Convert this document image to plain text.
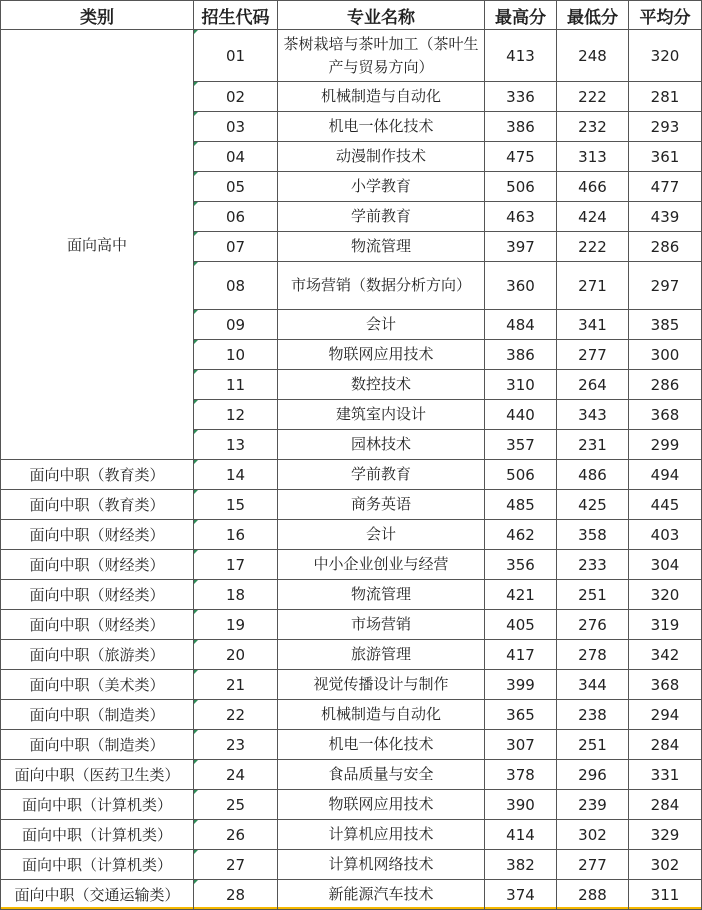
类别	招生代码	专业名称	最高分	最低分	平均分
面向高中	01	茶树栽培与茶叶加工（茶叶生产与贸易方向）	413	248	320
	02	机械制造与自动化	336	222	281
	03	机电一体化技术	386	232	293
	04	动漫制作技术	475	313	361
	05	小学教育	506	466	477
	06	学前教育	463	424	439
	07	物流管理	397	222	286
	08	市场营销（数据分析方向）	360	271	297
	09	会计	484	341	385
	10	物联网应用技术	386	277	300
	11	数控技术	310	264	286
	12	建筑室内设计	440	343	368
	13	园林技术	357	231	299
面向中职（教育类）	14	学前教育	506	486	494
面向中职（教育类）	15	商务英语	485	425	445
面向中职（财经类）	16	会计	462	358	403
面向中职（财经类）	17	中小企业创业与经营	356	233	304
面向中职（财经类）	18	物流管理	421	251	320
面向中职（财经类）	19	市场营销	405	276	319
面向中职（旅游类）	20	旅游管理	417	278	342
面向中职（美术类）	21	视觉传播设计与制作	399	344	368
面向中职（制造类）	22	机械制造与自动化	365	238	294
面向中职（制造类）	23	机电一体化技术	307	251	284
面向中职（医药卫生类）	24	食品质量与安全	378	296	331
面向中职（计算机类）	25	物联网应用技术	390	239	284
面向中职（计算机类）	26	计算机应用技术	414	302	329
面向中职（计算机类）	27	计算机网络技术	382	277	302
面向中职（交通运输类）	28	新能源汽车技术	374	288	311
